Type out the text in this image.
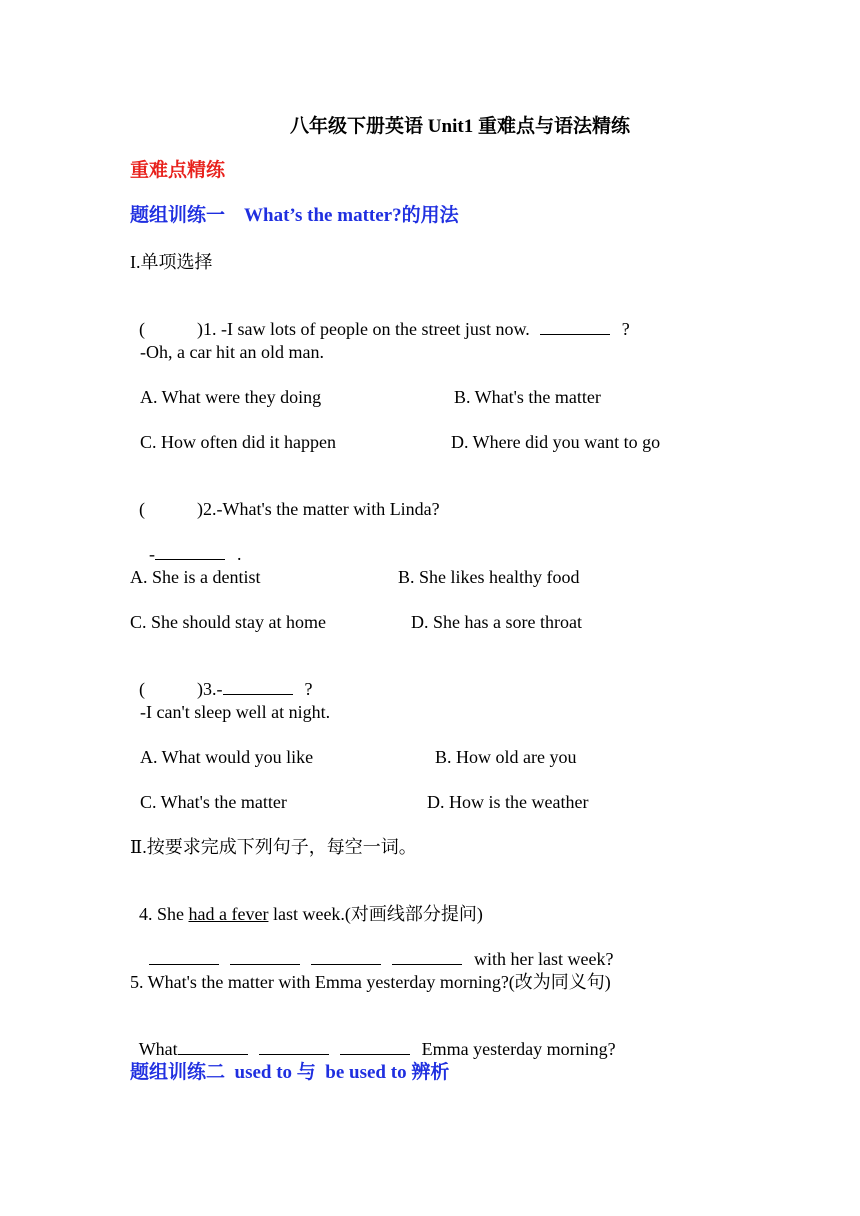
八年级下册英语 Unit1 重难点与语法精练
重难点精练
题组训练一　What’s the matter?的用法
I.单项选择

(	)1. -I saw lots of people on the street just now.	?

-Oh, a car hit an old man.
A. What were they doing	B. What's the matter
C. How often did it happen	D. Where did you want to go

(	)2.-What's the matter with Linda?

-	.

A. She is a dentist	B. She likes healthy food
C. She should stay at home	D. She has a sore throat

(	)3.-	?

-I can't sleep well at night.
A. What would you like	B. How old are you
C. What's the matter	D. How is the weather
Ⅱ.按要求完成下列句子，每空一词。

4. She had a fever last week.(对画线部分提问)

with her last week?

5. What's the matter with Emma yesterday morning?(改为同义句)

What	Emma yesterday morning?

题组训练二  used to 与  be used to 辨析
